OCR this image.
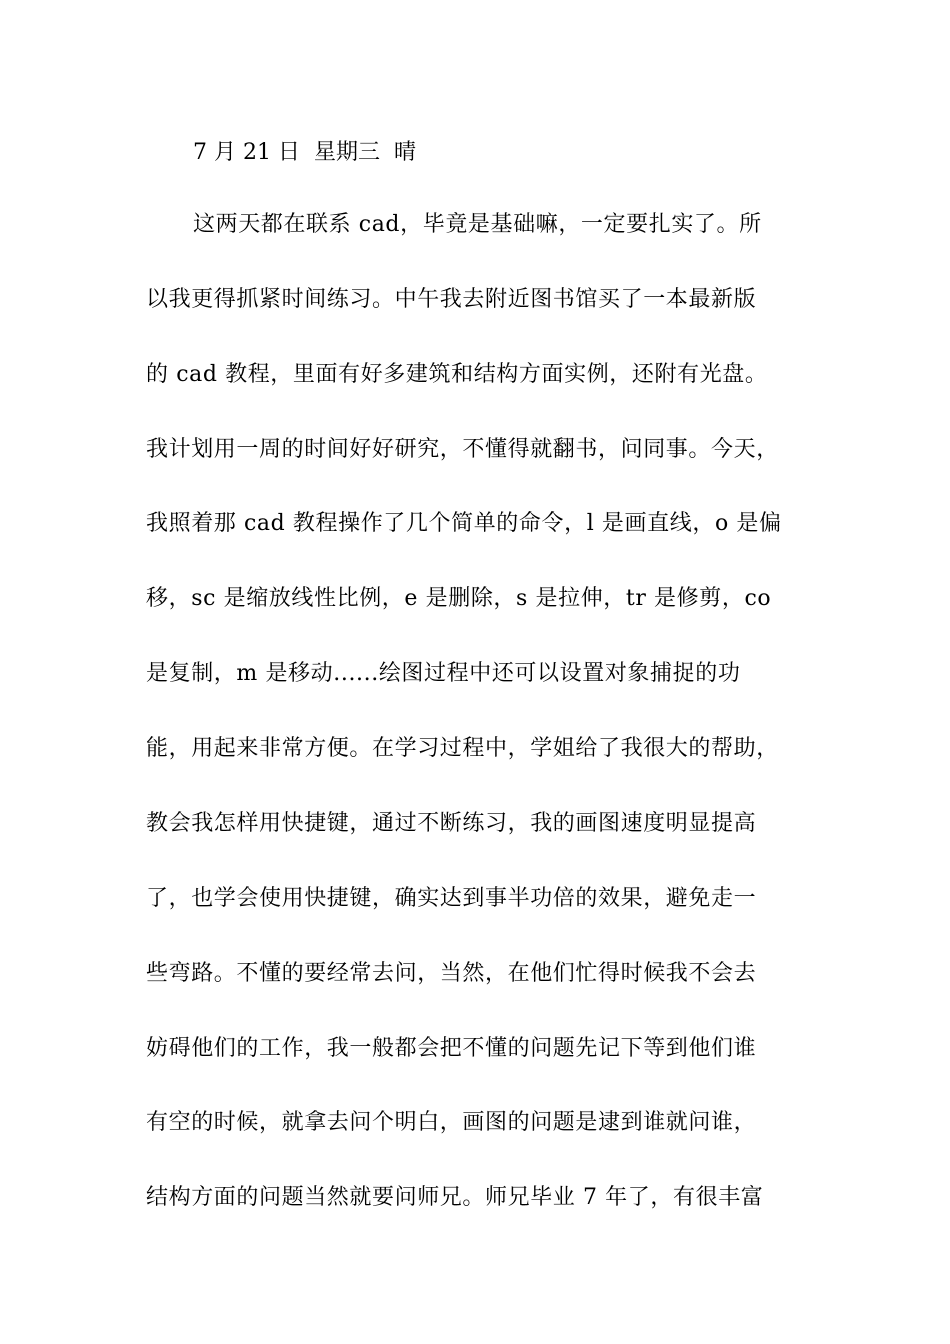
7 月 21 日  星期三  晴
这两天都在联系 cad，毕竟是基础嘛，一定要扎实了。所
以我更得抓紧时间练习。中午我去附近图书馆买了一本最新版
的 cad 教程，里面有好多建筑和结构方面实例，还附有光盘。
我计划用一周的时间好好研究，不懂得就翻书，问同事。今天，
我照着那 cad 教程操作了几个简单的命令，l 是画直线，o 是偏
移，sc 是缩放线性比例，e 是删除，s 是拉伸，tr 是修剪，co
是复制，m 是移动......绘图过程中还可以设置对象捕捉的功
能，用起来非常方便。在学习过程中，学姐给了我很大的帮助，
教会我怎样用快捷键，通过不断练习，我的画图速度明显提高
了，也学会使用快捷键，确实达到事半功倍的效果，避免走一
些弯路。不懂的要经常去问，当然，在他们忙得时候我不会去
妨碍他们的工作，我一般都会把不懂的问题先记下等到他们谁
有空的时候，就拿去问个明白，画图的问题是逮到谁就问谁，
结构方面的问题当然就要问师兄。师兄毕业 7 年了，有很丰富
